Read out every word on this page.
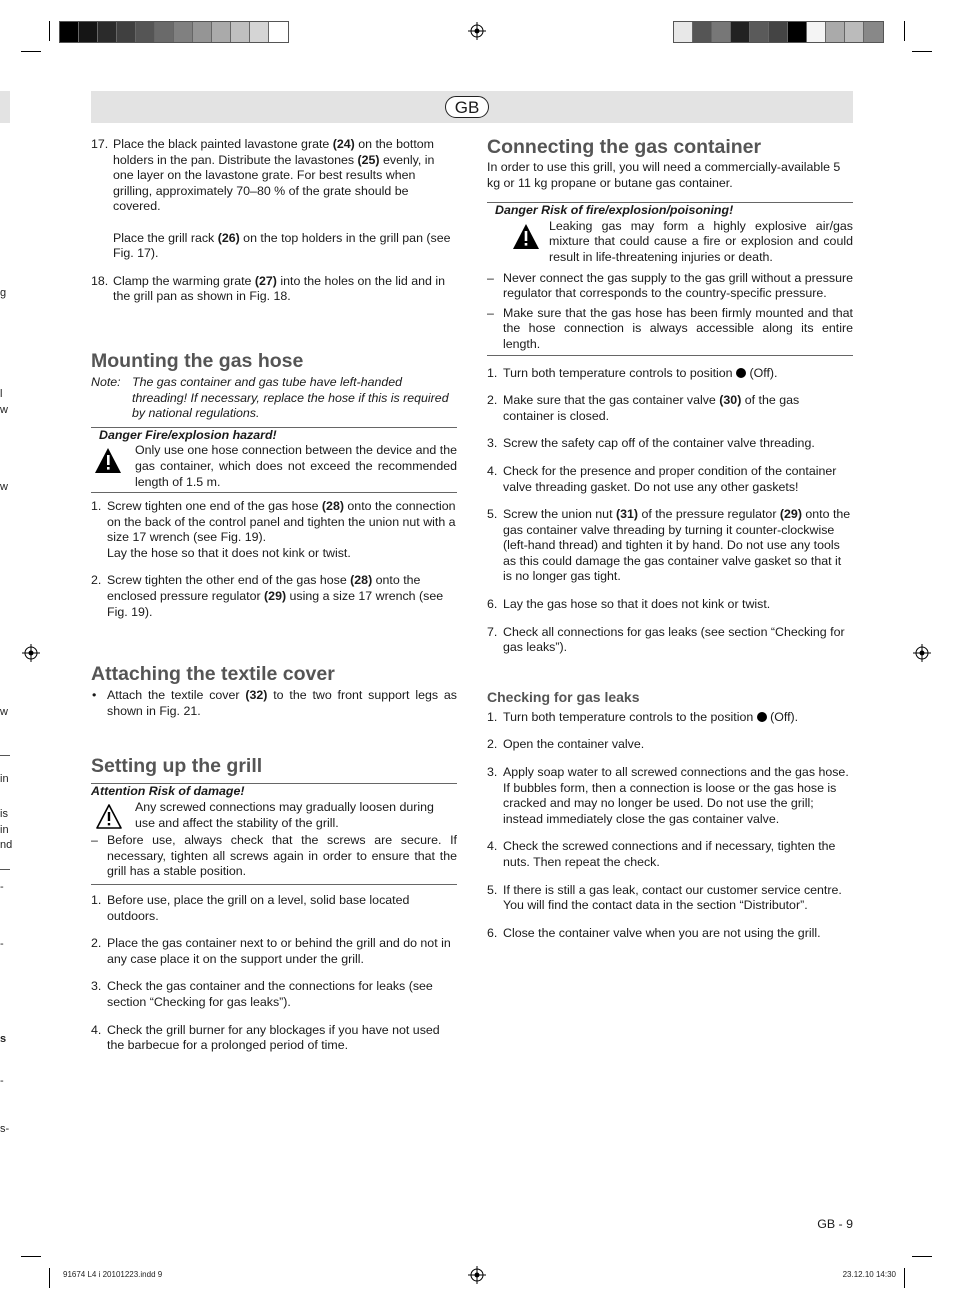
g
l
w
w
w
in
is
in
nd
-
-
s
-
s-
GB
17. Place the black painted lavastone grate (24) on the bottom holders in the pan. Distribute the lavastones (25) evenly, in one layer on the lavastone grate. For best results when grilling, approximately 70–80 % of the grate should be covered.

Place the grill rack (26) on the top holders in the grill pan (see Fig. 17).

18. Clamp the warming grate (27) into the holes on the lid and in the grill pan as shown in Fig. 18.

Mounting the gas hose
Note: The gas container and gas tube have left-handed threading! If necessary, replace the hose if this is required by national regulations.

Danger Fire/explosion hazard!

Only use one hose connection between the device and the gas container, which does not exceed the recommended length of 1.5 m.

1. Screw tighten one end of the gas hose (28) onto the connection on the back of the control panel and tighten the union nut with a size 17 wrench (see Fig. 19).

Lay the hose so that it does not kink or twist.

2. Screw tighten the other end of the gas hose (28) onto the enclosed pressure regulator (29) using a size 17 wrench (see Fig. 19).

Attaching the textile cover
• Attach the textile cover (32) to the two front support legs as shown in Fig. 21.

Setting up the grill
Attention Risk of damage!

Any screwed connections may gradually loosen during use and affect the stability of the grill.

– Before use, always check that the screws are secure. If necessary, tighten all screws again in order to ensure that the grill has a stable position.

1. Before use, place the grill on a level, solid base located outdoors.

2. Place the gas container next to or behind the grill and do not in any case place it on the support under the grill.

3. Check the gas container and the connections for leaks (see section “Checking for gas leaks”).

4. Check the grill burner for any blockages if you have not used the barbecue for a prolonged period of time.

Connecting the gas container

In order to use this grill, you will need a commercially-available 5 kg or 11 kg propane or butane gas container.

Danger Risk of fire/explosion/poisoning!

Leaking gas may form a highly explosive air/gas mixture that could cause a fire or explosion and could result in life-threatening injuries or death.

– Never connect the gas supply to the gas grill without a pressure regulator that corresponds to the country-specific pressure.

– Make sure that the gas hose has been firmly mounted and that the hose connection is always accessible along its entire length.

1. Turn both temperature controls to position  (Off).

2. Make sure that the gas container valve (30) of the gas container is closed.

3. Screw the safety cap off of the container valve threading.

4. Check for the presence and proper condition of the container valve threading gasket. Do not use any other gaskets!

5. Screw the union nut (31) of the pressure regulator (29) onto the gas container valve threading by turning it counter-clockwise (left-hand thread) and tighten it by hand. Do not use any tools as this could damage the gas container valve gasket so that it is no longer gas tight.

6. Lay the gas hose so that it does not kink or twist.

7. Check all connections for gas leaks (see section “Checking for gas leaks”).

Checking for gas leaks
1. Turn both temperature controls to the position  (Off).

2. Open the container valve.

3. Apply soap water to all screwed connections and the gas hose. If bubbles form, then a connection is loose or the gas hose is cracked and may no longer be used. Do not use the grill; instead immediately close the gas container valve.

4. Check the screwed connections and if necessary, tighten the nuts. Then repeat the check.

5. If there is still a gas leak, contact our customer service centre. You will find the contact data in the section “Distributor”.

6. Close the container valve when you are not using the grill.

GB - 9
91674 L4 i 20101223.indd 9	23.12.10 14:30
